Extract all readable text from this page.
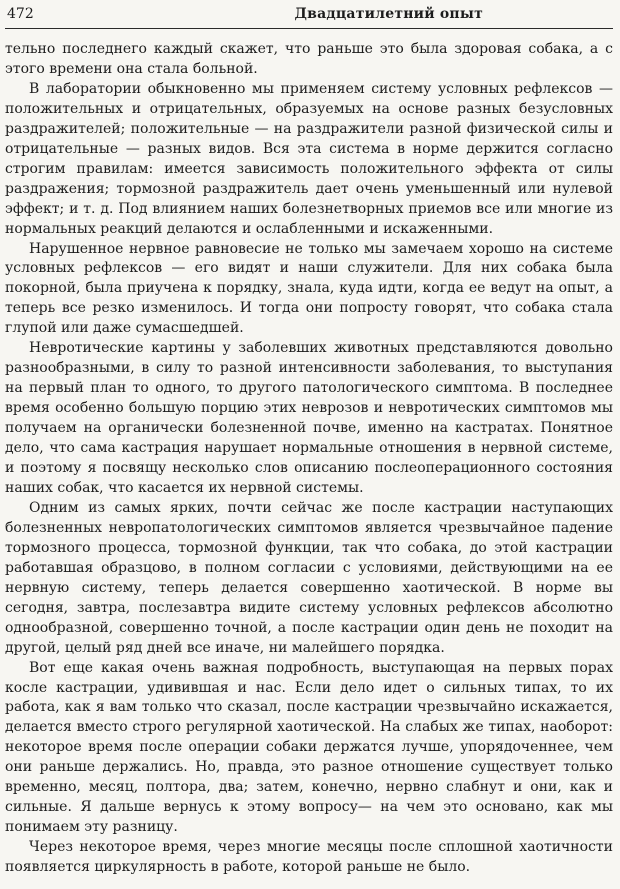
472	Двадцатилетний опыт

тельно последнего каждый скажет, что раньше это была здоровая собака, а с этого времени она стала больной.

В лаборатории обыкновенно мы применяем систему условных рефлексов — положительных и отрицательных, образуемых на основе разных безусловных раздражителей; положительные — на раздражители разной физической силы и отрицательные — разных видов. Вся эта система в норме держится согласно строгим правилам: имеется зависимость положительного эффекта от силы раздражения; тормозной раздражитель дает очень уменьшенный или нулевой эффект; и т. д. Под влиянием наших болезнетворных приемов все или многие из нормальных реакций делаются и ослабленными и искаженными.

Нарушенное нервное равновесие не только мы замечаем хорошо на системе условных рефлексов — его видят и наши служители. Для них собака была покорной, была приучена к порядку, знала, куда идти, когда ее ведут на опыт, а теперь все резко изменилось. И тогда они попросту говорят, что собака стала глупой или даже сумасшедшей.

Невротические картины у заболевших животных представляются довольно разнообразными, в силу то разной интенсивности заболевания, то выступания на первый план то одного, то другого патологического симптома. В последнее время особенно большую порцию этих неврозов и невротических симптомов мы получаем на органически болезненной почве, именно на кастратах. Понятное дело, что сама кастрация нарушает нормальные отношения в нервной системе, и поэтому я посвящу несколько слов описанию послеоперационного состояния наших собак, что касается их нервной системы.

Одним из самых ярких, почти сейчас же после кастрации наступающих болезненных невропатологических симптомов является чрезвычайное падение тормозного процесса, тормозной функции, так что собака, до этой кастрации работавшая образцово, в полном согласии с условиями, действующими на ее нервную систему, теперь делается совершенно хаотической. В норме вы сегодня, завтра, послезавтра видите систему условных рефлексов абсолютно однообразной, совершенно точной, а после кастрации один день не походит на другой, целый ряд дней все иначе, ни малейшего порядка.

Вот еще какая очень важная подробность, выступающая на первых порах косле кастрации, удивившая и нас. Если дело идет о сильных типах, то их работа, как я вам только что сказал, после кастрации чрезвычайно искажается, делается вместо строго регулярной хаотической. На слабых же типах, наоборот: некоторое время после операции собаки держатся лучше, упорядоченнее, чем они раньше держались. Но, правда, это разное отношение существует только временно, месяц, полтора, два; затем, конечно, нервно слабнут и они, как и сильные. Я дальше вернусь к этому вопросу— на чем это основано, как мы понимаем эту разницу.

Через некоторое время, через многие месяцы после сплошной хаотичности появляется циркулярность в работе, которой раньше не было.
